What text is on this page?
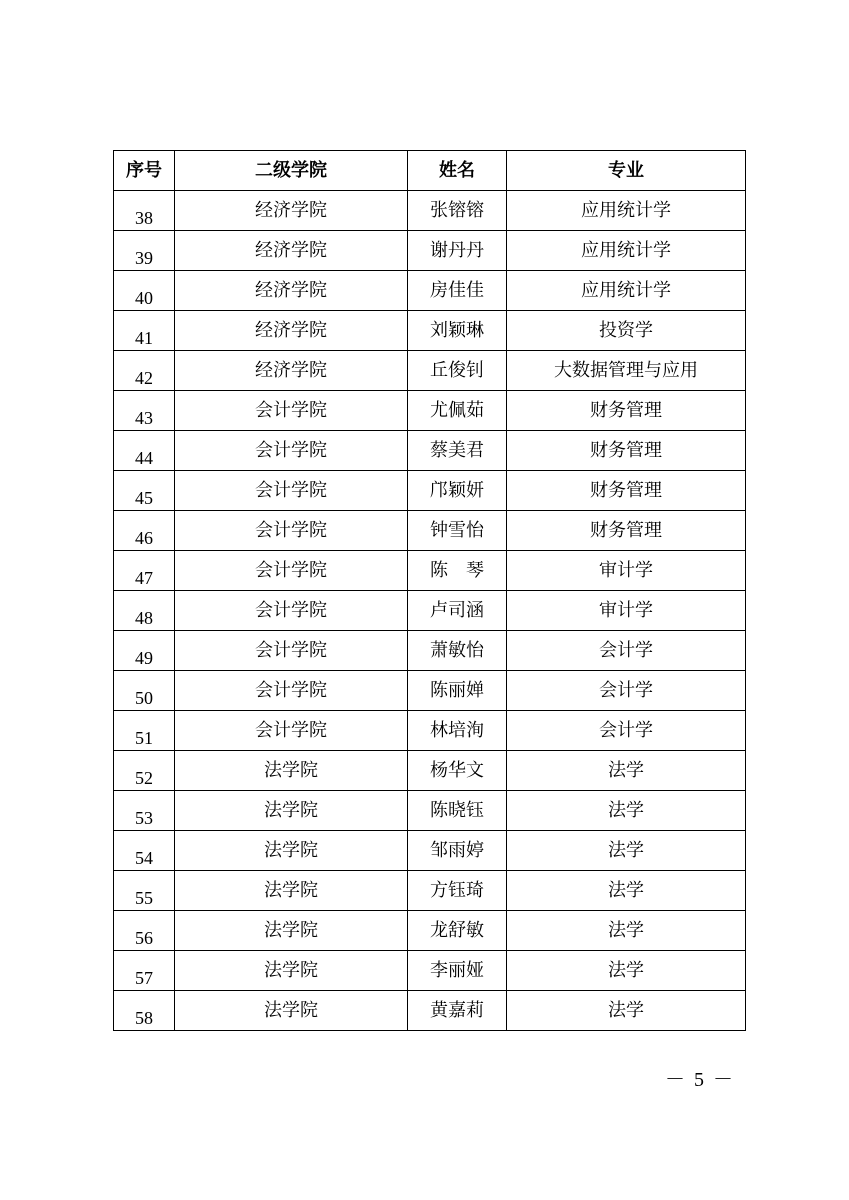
序号	二级学院	姓名	专业
38	经济学院	张镕镕	应用统计学
39	经济学院	谢丹丹	应用统计学
40	经济学院	房佳佳	应用统计学
41	经济学院	刘颖琳	投资学
42	经济学院	丘俊钊	大数据管理与应用
43	会计学院	尤佩茹	财务管理
44	会计学院	蔡美君	财务管理
45	会计学院	邝颖妍	财务管理
46	会计学院	钟雪怡	财务管理
47	会计学院	陈　琴	审计学
48	会计学院	卢司涵	审计学
49	会计学院	萧敏怡	会计学
50	会计学院	陈丽婵	会计学
51	会计学院	林培洵	会计学
52	法学院	杨华文	法学
53	法学院	陈晓钰	法学
54	法学院	邹雨婷	法学
55	法学院	方钰琦	法学
56	法学院	龙舒敏	法学
57	法学院	李丽娅	法学
58	法学院	黄嘉莉	法学
－ 5 －
